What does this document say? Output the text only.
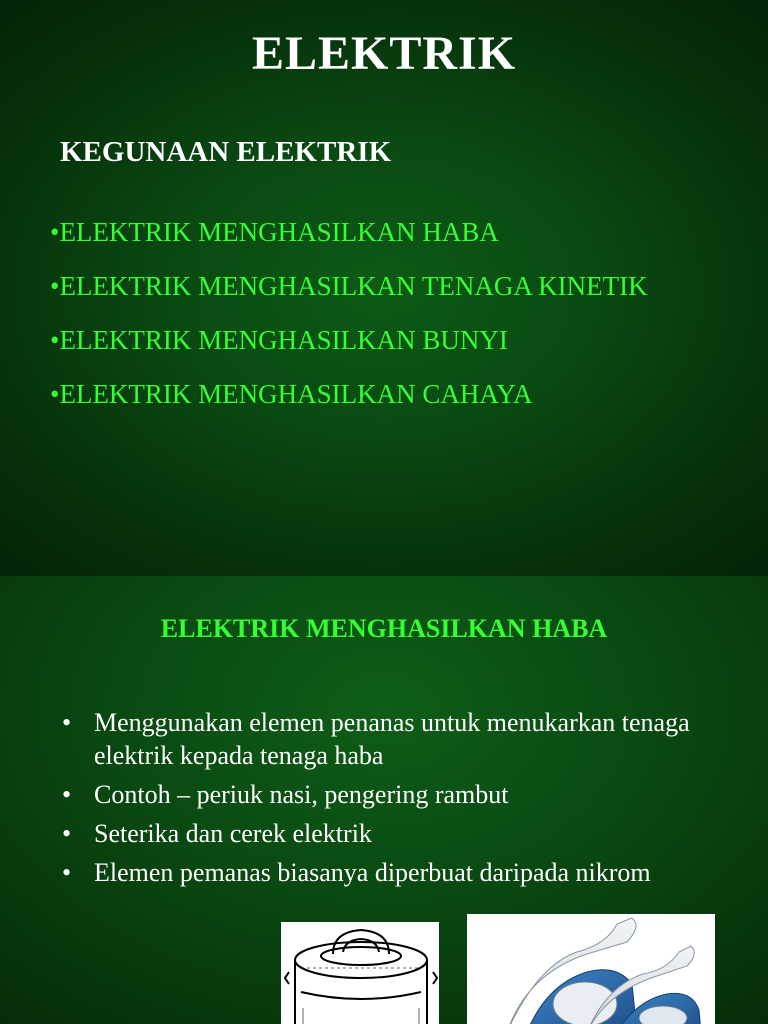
ELEKTRIK
KEGUNAAN ELEKTRIK
•ELEKTRIK MENGHASILKAN HABA
•ELEKTRIK MENGHASILKAN TENAGA KINETIK
•ELEKTRIK MENGHASILKAN BUNYI
•ELEKTRIK MENGHASILKAN CAHAYA
ELEKTRIK MENGHASILKAN HABA
• Menggunakan elemen penanas untuk menukarkan tenaga elektrik kepada tenaga haba
• Contoh – periuk nasi, pengering rambut
• Seterika dan cerek elektrik
• Elemen pemanas biasanya diperbuat daripada nikrom
